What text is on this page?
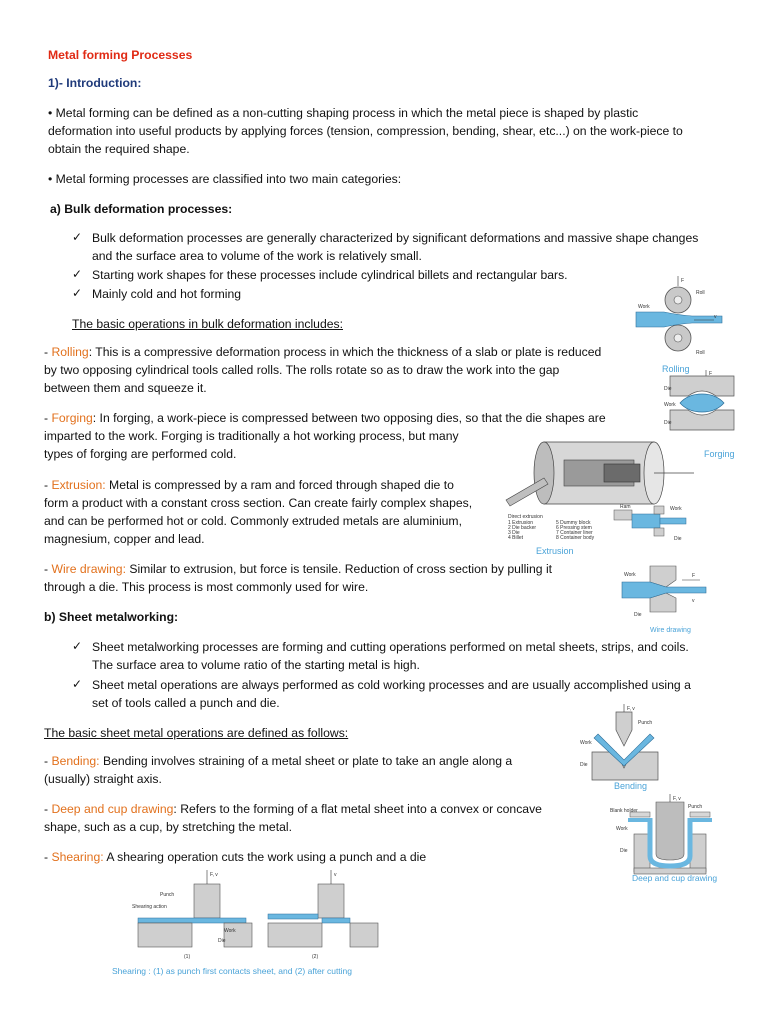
Metal forming Processes
1)- Introduction:
• Metal forming can be defined as a non-cutting shaping process in which the metal piece is shaped by plastic
deformation into useful products by applying forces (tension, compression, bending, shear, etc...) on the work-piece to
obtain the required shape.
• Metal forming processes are classified into two main categories:
a) Bulk deformation processes:
✓ Bulk deformation processes are generally characterized by significant deformations and massive shape changes
and the surface area to volume of the work is relatively small.
✓ Starting work shapes for these processes include cylindrical billets and rectangular bars.
✓ Mainly cold and hot forming
The basic operations in bulk deformation includes:
- Rolling: This is a compressive deformation process in which the thickness of a slab or plate is reduced
by two opposing cylindrical tools called rolls. The rolls rotate so as to draw the work into the gap
between them and squeeze it.
- Forging: In forging, a work-piece is compressed between two opposing dies, so that the die shapes are
imparted to the work. Forging is traditionally a hot working process, but many
types of forging are performed cold.
- Extrusion: Metal is compressed by a ram and forced through shaped die to
form a product with a constant cross section. Can create fairly complex shapes,
and can be performed hot or cold. Commonly extruded metals are aluminium,
magnesium, copper and lead.
- Wire drawing: Similar to extrusion, but force is tensile. Reduction of cross section by pulling it
through a die. This process is most commonly used for wire.
b) Sheet metalworking:
✓ Sheet metalworking processes are forming and cutting operations performed on metal sheets, strips, and coils.
The surface area to volume ratio of the starting metal is high.
✓ Sheet metal operations are always performed as cold working processes and are usually accomplished using a
set of tools called a punch and die.
The basic sheet metal operations are defined as follows:
- Bending: Bending involves straining of a metal sheet or plate to take an angle along a
(usually) straight axis.
- Deep and cup drawing: Refers to the forming of a flat metal sheet into a convex or concave
shape, such as a cup, by stretching the metal.
- Shearing: A shearing operation cuts the work using a punch and a die
F
Roll
Roll
Work
v
Rolling	F
Die
Work
Die
Forging
Direct extrusion
1 Extrusion
2 Die backer
3 Die
4 Billet
5 Dummy block
6 Pressing stem
7 Container liner
8 Container body
Ram	Work
Die
Extrusion
Work
Die
F
v
Wire drawing
F, v
Punch
Work
Die
Bending
F, v
Punch
Blank holder
Work
Die
Deep and cup drawing
F, v
Punch
Shearing action
Work
Die
(1)
v
(2)
Shearing : (1) as punch first contacts sheet, and (2) after cutting
